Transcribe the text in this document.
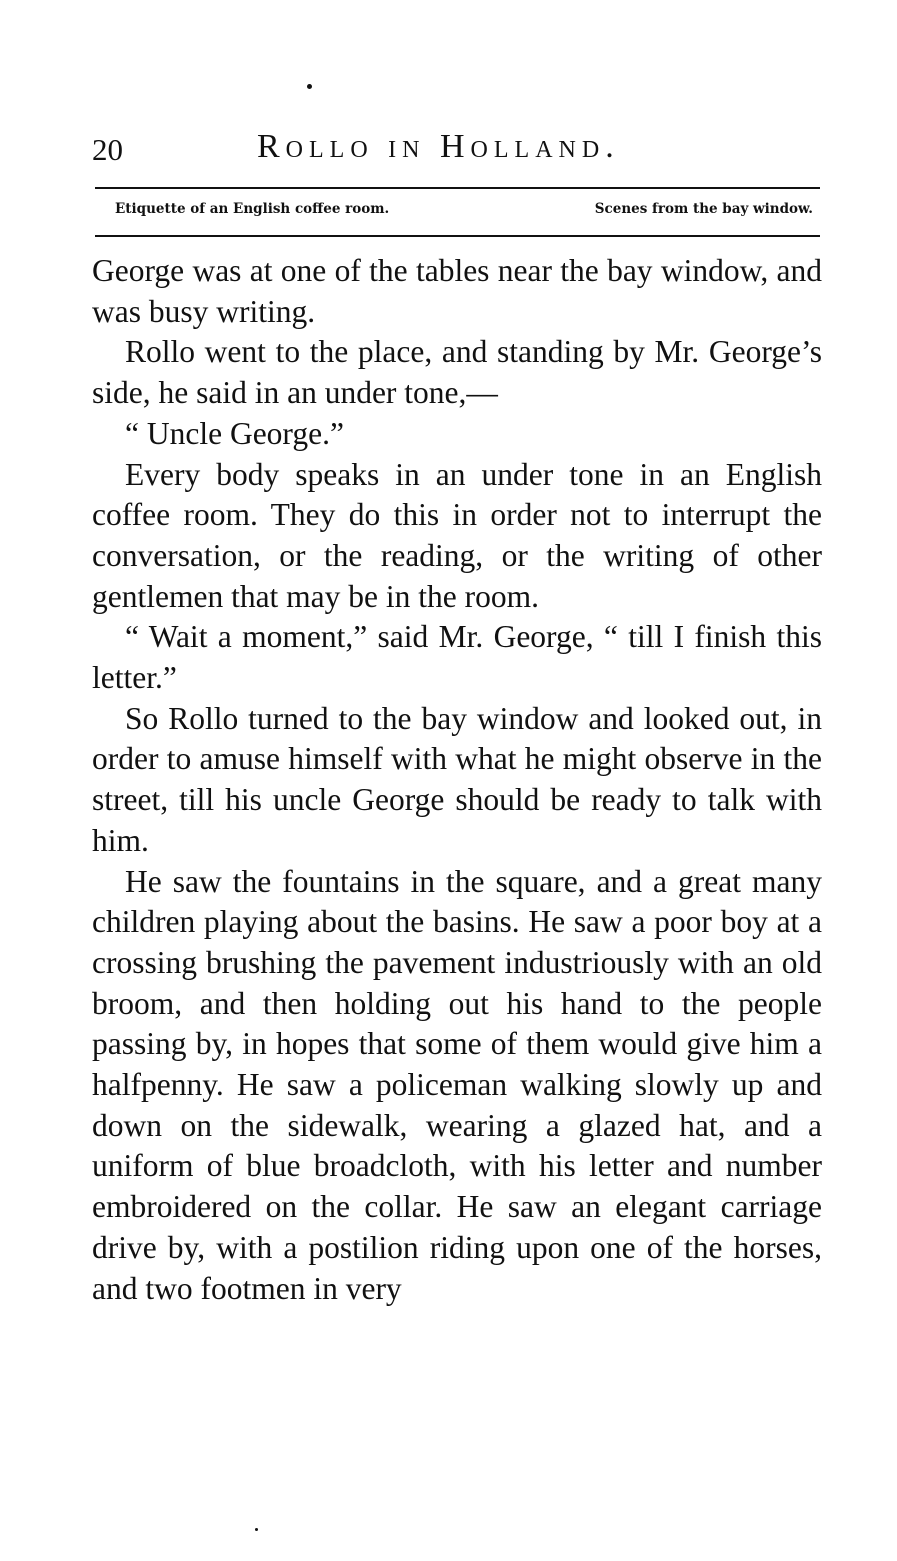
20	Rollo in Holland.
Etiquette of an English coffee room.	Scenes from the bay window.

George was at one of the tables near the bay window, and was busy writing.

Rollo went to the place, and standing by Mr. George’s side, he said in an under tone,—

“ Uncle George.”

Every body speaks in an under tone in an English coffee room. They do this in order not to interrupt the conversation, or the reading, or the writing of other gentlemen that may be in the room.

“ Wait a moment,” said Mr. George, “ till I finish this letter.”

So Rollo turned to the bay window and looked out, in order to amuse himself with what he might observe in the street, till his uncle George should be ready to talk with him.

He saw the fountains in the square, and a great many children playing about the basins. He saw a poor boy at a crossing brushing the pavement industriously with an old broom, and then holding out his hand to the people passing by, in hopes that some of them would give him a halfpenny. He saw a policeman walking slowly up and down on the sidewalk, wearing a glazed hat, and a uniform of blue broadcloth, with his letter and number embroidered on the collar. He saw an elegant carriage drive by, with a postilion riding upon one of the horses, and two footmen in very
